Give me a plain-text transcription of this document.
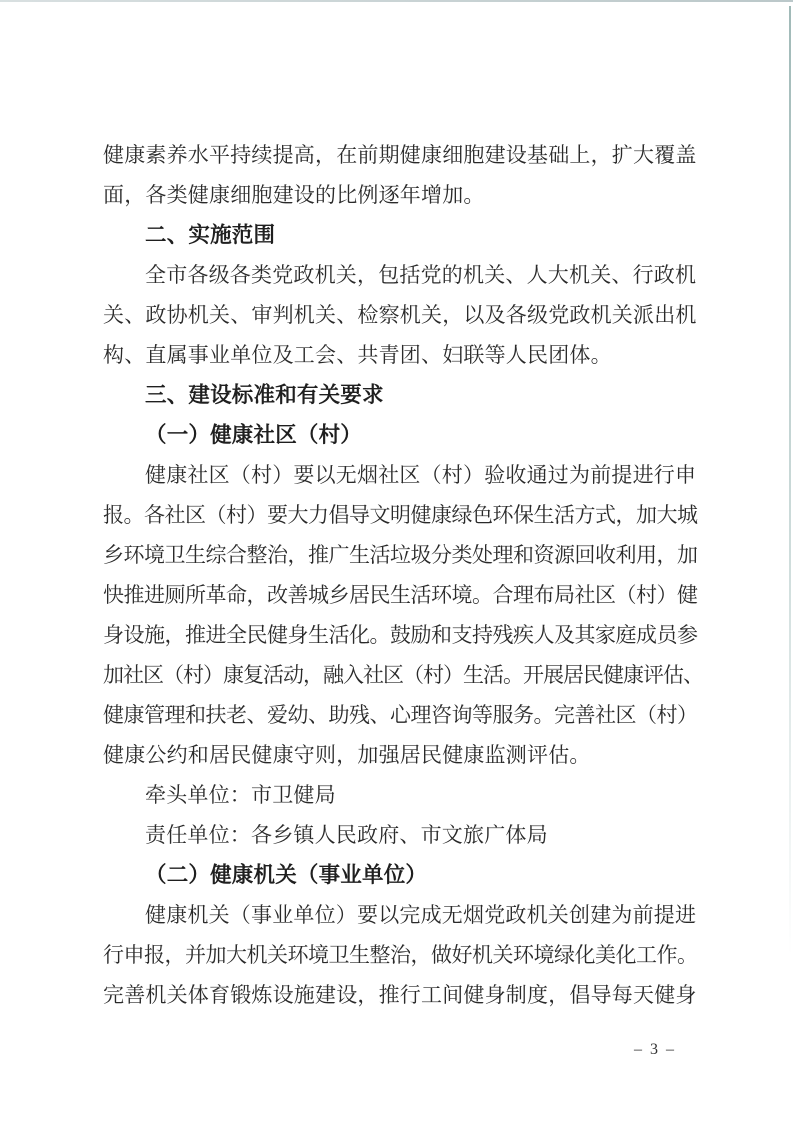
健康素养水平持续提高，在前期健康细胞建设基础上，扩大覆盖
面，各类健康细胞建设的比例逐年增加。
二、实施范围
全市各级各类党政机关，包括党的机关、人大机关、行政机
关、政协机关、审判机关、检察机关，以及各级党政机关派出机
构、直属事业单位及工会、共青团、妇联等人民团体。
三、建设标准和有关要求
（一）健康社区（村）
健康社区（村）要以无烟社区（村）验收通过为前提进行申
报。各社区（村）要大力倡导文明健康绿色环保生活方式，加大城
乡环境卫生综合整治，推广生活垃圾分类处理和资源回收利用，加
快推进厕所革命，改善城乡居民生活环境。合理布局社区（村）健
身设施，推进全民健身生活化。鼓励和支持残疾人及其家庭成员参
加社区（村）康复活动，融入社区（村）生活。开展居民健康评估、
健康管理和扶老、爱幼、助残、心理咨询等服务。完善社区（村）
健康公约和居民健康守则，加强居民健康监测评估。
牵头单位：市卫健局
责任单位：各乡镇人民政府、市文旅广体局
（二）健康机关（事业单位）
健康机关（事业单位）要以完成无烟党政机关创建为前提进
行申报，并加大机关环境卫生整治，做好机关环境绿化美化工作。
完善机关体育锻炼设施建设，推行工间健身制度，倡导每天健身
– 3 –
